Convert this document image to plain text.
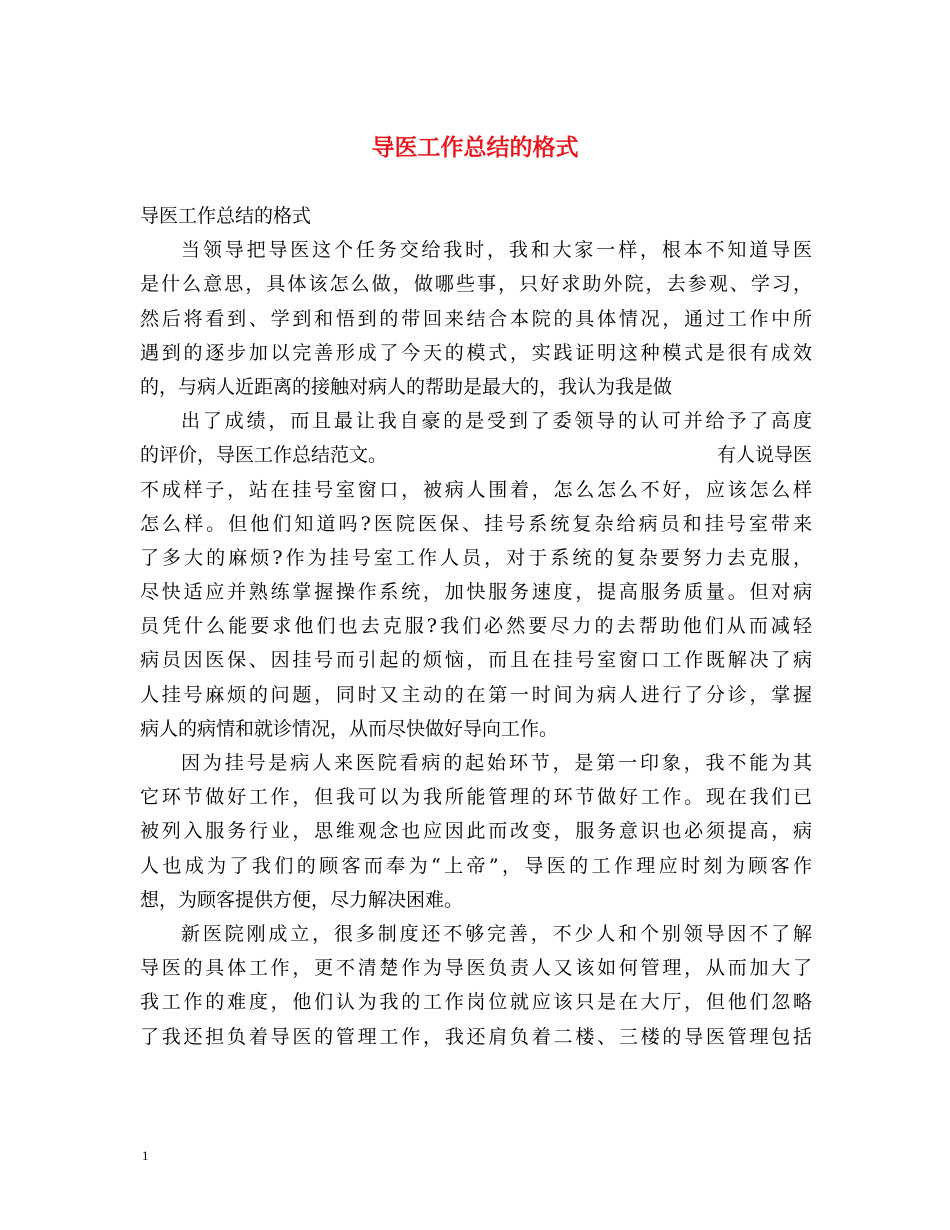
导医工作总结的格式
导医工作总结的格式
当领导把导医这个任务交给我时，我和大家一样，根本不知道导医
是什么意思，具体该怎么做，做哪些事，只好求助外院，去参观、学习，
然后将看到、学到和悟到的带回来结合本院的具体情况，通过工作中所
遇到的逐步加以完善形成了今天的模式，实践证明这种模式是很有成效
的，与病人近距离的接触对病人的帮助是最大的，我认为我是做
出了成绩，而且最让我自豪的是受到了委领导的认可并给予了高度
的评价，导医工作总结范文。	有人说导医
不成样子，站在挂号室窗口，被病人围着，怎么怎么不好，应该怎么样
怎么样。但他们知道吗?医院医保、挂号系统复杂给病员和挂号室带来
了多大的麻烦?作为挂号室工作人员，对于系统的复杂要努力去克服，
尽快适应并熟练掌握操作系统，加快服务速度，提高服务质量。但对病
员凭什么能要求他们也去克服?我们必然要尽力的去帮助他们从而减轻
病员因医保、因挂号而引起的烦恼，而且在挂号室窗口工作既解决了病
人挂号麻烦的问题，同时又主动的在第一时间为病人进行了分诊，掌握
病人的病情和就诊情况，从而尽快做好导向工作。
因为挂号是病人来医院看病的起始环节，是第一印象，我不能为其
它环节做好工作，但我可以为我所能管理的环节做好工作。现在我们已
被列入服务行业，思维观念也应因此而改变，服务意识也必须提高，病
人也成为了我们的顾客而奉为“上帝”，导医的工作理应时刻为顾客作
想，为顾客提供方便，尽力解决困难。
新医院刚成立，很多制度还不够完善，不少人和个别领导因不了解
导医的具体工作，更不清楚作为导医负责人又该如何管理，从而加大了
我工作的难度，他们认为我的工作岗位就应该只是在大厅，但他们忽略
了我还担负着导医的管理工作，我还肩负着二楼、三楼的导医管理包括
1
